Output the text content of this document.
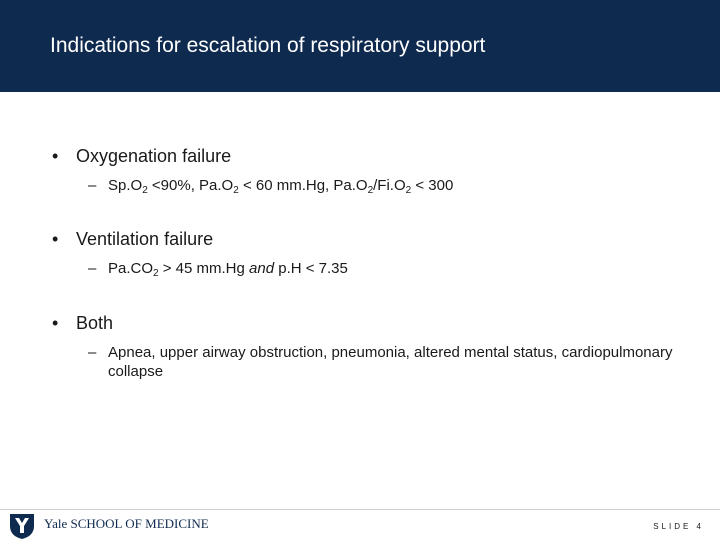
Indications for escalation of respiratory support
• Oxygenation failure
– $Sp.O_2 <90\%$, $Pa.O_2 < 60$ mm.Hg, $Pa.O_2/Fi.O_2 < 300$
• Ventilation failure
– $Pa.CO_2 > 45$ mm.Hg and p.H < 7.35
• Both
– Apnea, upper airway obstruction, pneumonia, altered mental status, cardiopulmonary collapse
Yale SCHOOL OF MEDICINE	SLIDE 4
